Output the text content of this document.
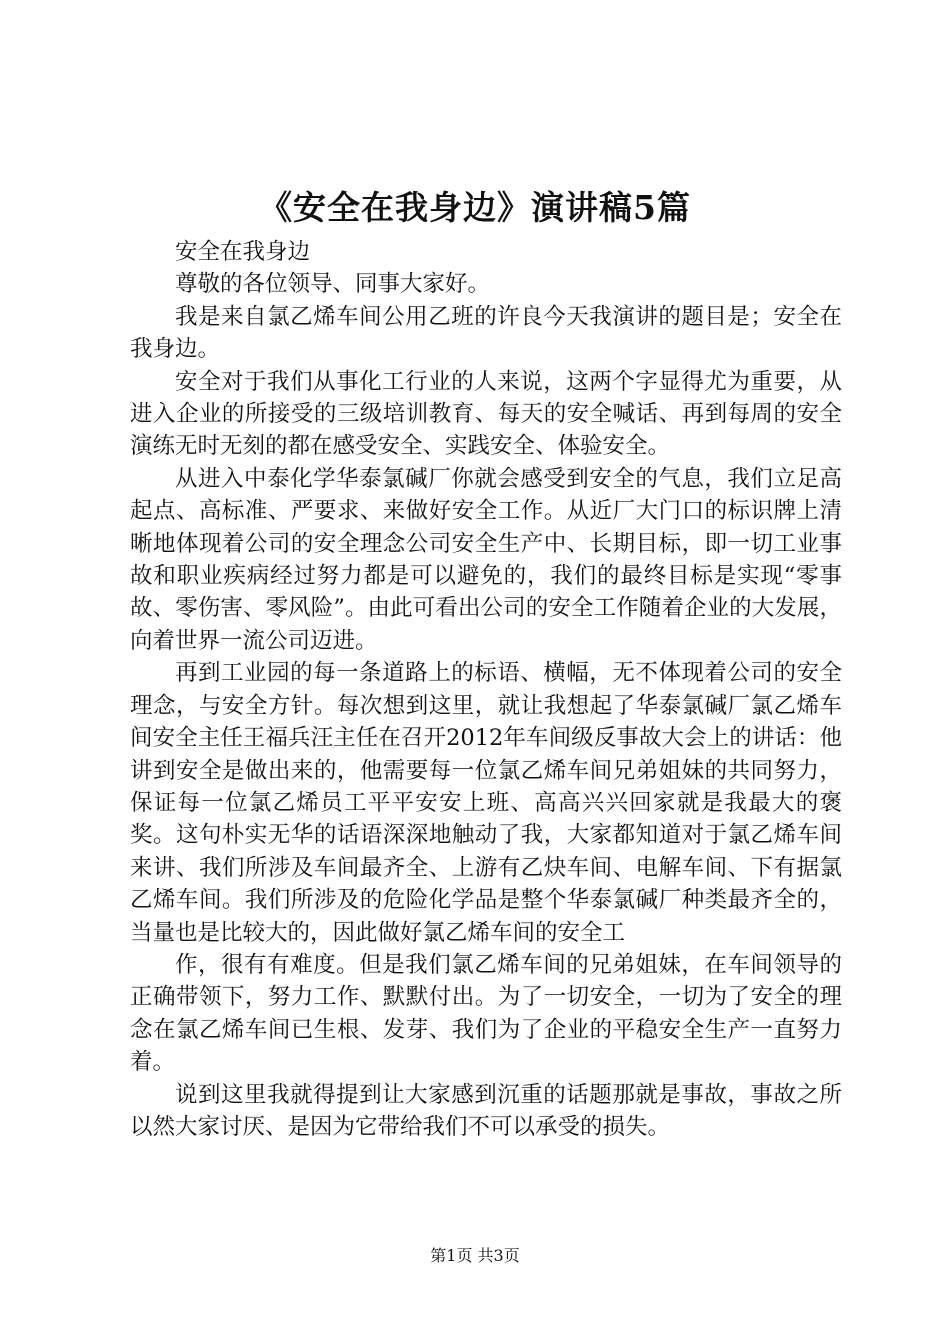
《安全在我身边》演讲稿5篇

安全在我身边

尊敬的各位领导、同事大家好。

我是来自氯乙烯车间公用乙班的许良今天我演讲的题目是；安全在我身边。

安全对于我们从事化工行业的人来说，这两个字显得尤为重要，从进入企业的所接受的三级培训教育、每天的安全喊话、再到每周的安全演练无时无刻的都在感受安全、实践安全、体验安全。

从进入中泰化学华泰氯碱厂你就会感受到安全的气息，我们立足高起点、高标准、严要求、来做好安全工作。从近厂大门口的标识牌上清晰地体现着公司的安全理念公司安全生产中、长期目标，即一切工业事故和职业疾病经过努力都是可以避免的，我们的最终目标是实现“零事故、零伤害、零风险”。由此可看出公司的安全工作随着企业的大发展，向着世界一流公司迈进。

再到工业园的每一条道路上的标语、横幅，无不体现着公司的安全理念，与安全方针。每次想到这里，就让我想起了华泰氯碱厂氯乙烯车间安全主任王福兵汪主任在召开2012年车间级反事故大会上的讲话：他讲到安全是做出来的，他需要每一位氯乙烯车间兄弟姐妹的共同努力，保证每一位氯乙烯员工平平安安上班、高高兴兴回家就是我最大的褒奖。这句朴实无华的话语深深地触动了我，大家都知道对于氯乙烯车间来讲、我们所涉及车间最齐全、上游有乙炔车间、电解车间、下有据氯乙烯车间。我们所涉及的危险化学品是整个华泰氯碱厂种类最齐全的，当量也是比较大的，因此做好氯乙烯车间的安全工

作，很有有难度。但是我们氯乙烯车间的兄弟姐妹，在车间领导的正确带领下，努力工作、默默付出。为了一切安全，一切为了安全的理念在氯乙烯车间已生根、发芽、我们为了企业的平稳安全生产一直努力着。

说到这里我就得提到让大家感到沉重的话题那就是事故，事故之所以然大家讨厌、是因为它带给我们不可以承受的损失。

第1页 共3页
